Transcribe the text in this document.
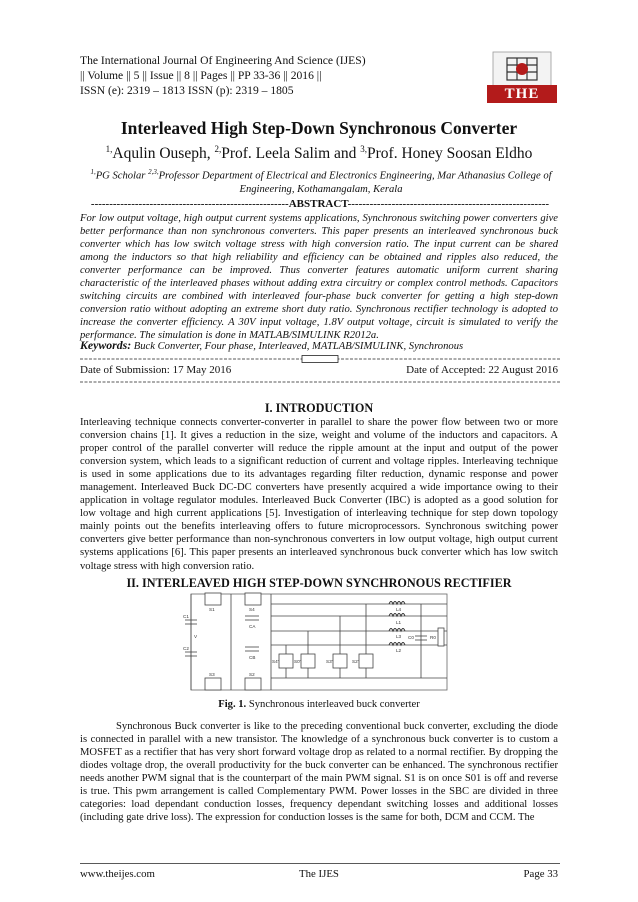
The International Journal Of Engineering And Science (IJES)
|| Volume || 5 || Issue || 8 || Pages || PP 33-36 || 2016 ||
ISSN (e): 2319 – 1813 ISSN (p): 2319 – 1805	THE IJES
Interleaved High Step-Down Synchronous Converter
$^{1,}$Aqulin Ouseph, $^{2,}$Prof. Leela Salim and $^{3,}$Prof. Honey Soosan Eldho
$^{1,}$PG Scholar $^{2,3,}$Professor Department of Electrical and Electronics Engineering, Mar Athanasius College of Engineering, Kothamangalam, Kerala
------------------------------------------------------ABSTRACT-------------------------------------------------------
For low output voltage, high output current systems applications, Synchronous switching power converters give better performance than non synchronous converters. This paper presents an interleaved synchronous buck converter which has low switch voltage stress with high conversion ratio. The input current can be shared among the inductors so that high reliability and efficiency can be obtained and ripples also reduced, the converter performance can be improved. Thus converter features automatic uniform current sharing characteristic of the interleaved phases without adding extra circuitry or complex control methods. Capacitors switching circuits are combined with interleaved four-phase buck converter for getting a high step-down conversion ratio without adopting an extreme short duty ratio. Synchronous rectifier technology is adopted to increase the converter efficiency. A 30V input voltage, 1.8V output voltage, circuit is simulated to verify the performance. The simulation is done in MATLAB/SIMULINK R2012a.
Keywords: Buck Converter, Four phase, Interleaved, MATLAB/SIMULINK, Synchronous
Date of Submission: 17 May 2016	Date of Accepted: 22 August 2016
I. INTRODUCTION
Interleaving technique connects converter-converter in parallel to share the power flow between two or more conversion chains [1]. It gives a reduction in the size, weight and volume of the inductors and capacitors. A proper control of the parallel converter will reduce the ripple amount at the input and output of the power conversion system, which leads to a significant reduction of current and voltage ripples. Interleaving technique is used in some applications due to its advantages regarding filter reduction, dynamic response and power management. Interleaved Buck DC-DC converters have presently acquired a wide importance owing to their application in voltage regulator modules. Interleaved Buck Converter (IBC) is adopted as a good solution for low voltage and high current applications [5]. Investigation of interleaving technique for step down topology mainly points out the benefits interleaving offers to future microprocessors. Synchronous switching power converters give better performance than non-synchronous converters in low output voltage, high output current systems applications [6]. This paper presents an interleaved synchronous buck converter which has low switch voltage stress with high conversion ratio.
II. INTERLEAVED HIGH STEP-DOWN SYNCHRONOUS RECTIFIER
S1	S4
S3	S2
CA
CB
C1
C2
V
L4
L1
L3
L2
C0	R0
S4'	S0'	S3'	S2'
Fig. 1. Synchronous interleaved buck converter
Synchronous Buck converter is like to the preceding conventional buck converter, excluding the diode is connected in parallel with a new transistor. The knowledge of a synchronous buck converter is to custom a MOSFET as a rectifier that has very short forward voltage drop as related to a normal rectifier. By dropping the diodes voltage drop, the overall productivity for the buck converter can be enhanced. The synchronous rectifier needs another PWM signal that is the counterpart of the main PWM signal. S1 is on once S01 is off and reverse is true. This pwm arrangement is called Complementary PWM. Power losses in the SBC are divided in three categories: load dependant conduction losses, frequency dependant switching losses and additional losses (including gate drive loss). The expression for conduction losses is the same for both, DCM and CCM. The
www.theijes.com	The IJES	Page 33
